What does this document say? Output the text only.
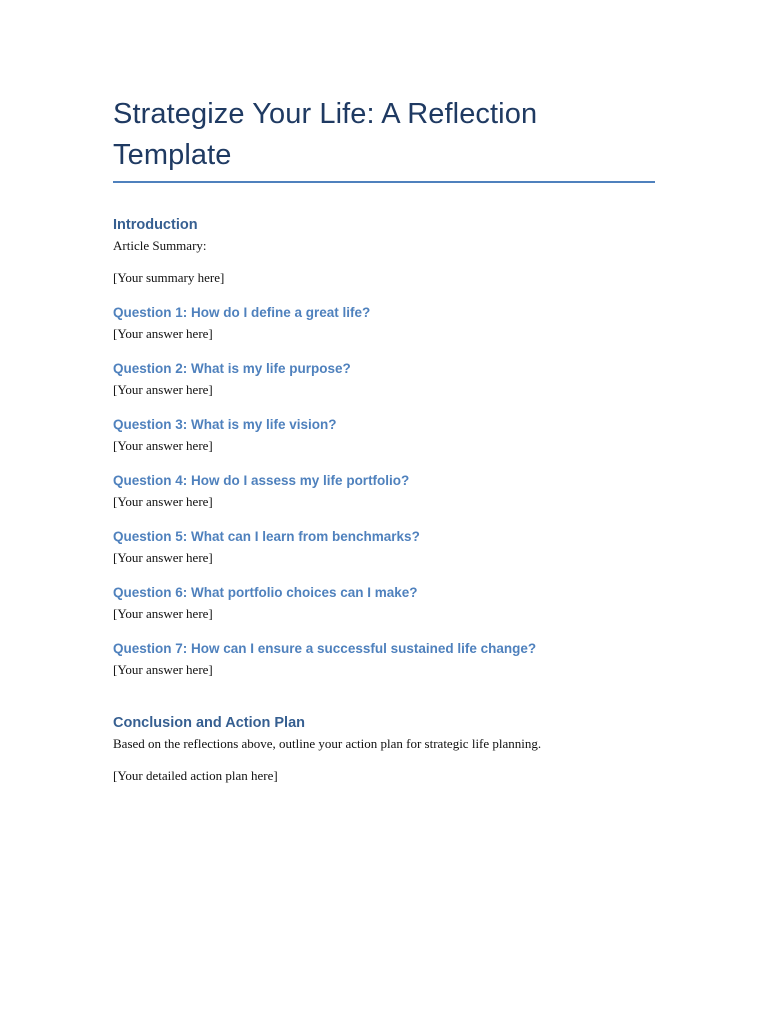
Strategize Your Life: A Reflection
Template
Introduction

Article Summary:

[Your summary here]

Question 1: How do I define a great life?

[Your answer here]

Question 2: What is my life purpose?

[Your answer here]

Question 3: What is my life vision?

[Your answer here]

Question 4: How do I assess my life portfolio?

[Your answer here]

Question 5: What can I learn from benchmarks?

[Your answer here]

Question 6: What portfolio choices can I make?

[Your answer here]

Question 7: How can I ensure a successful sustained life change?

[Your answer here]

Conclusion and Action Plan

Based on the reflections above, outline your action plan for strategic life planning.

[Your detailed action plan here]
